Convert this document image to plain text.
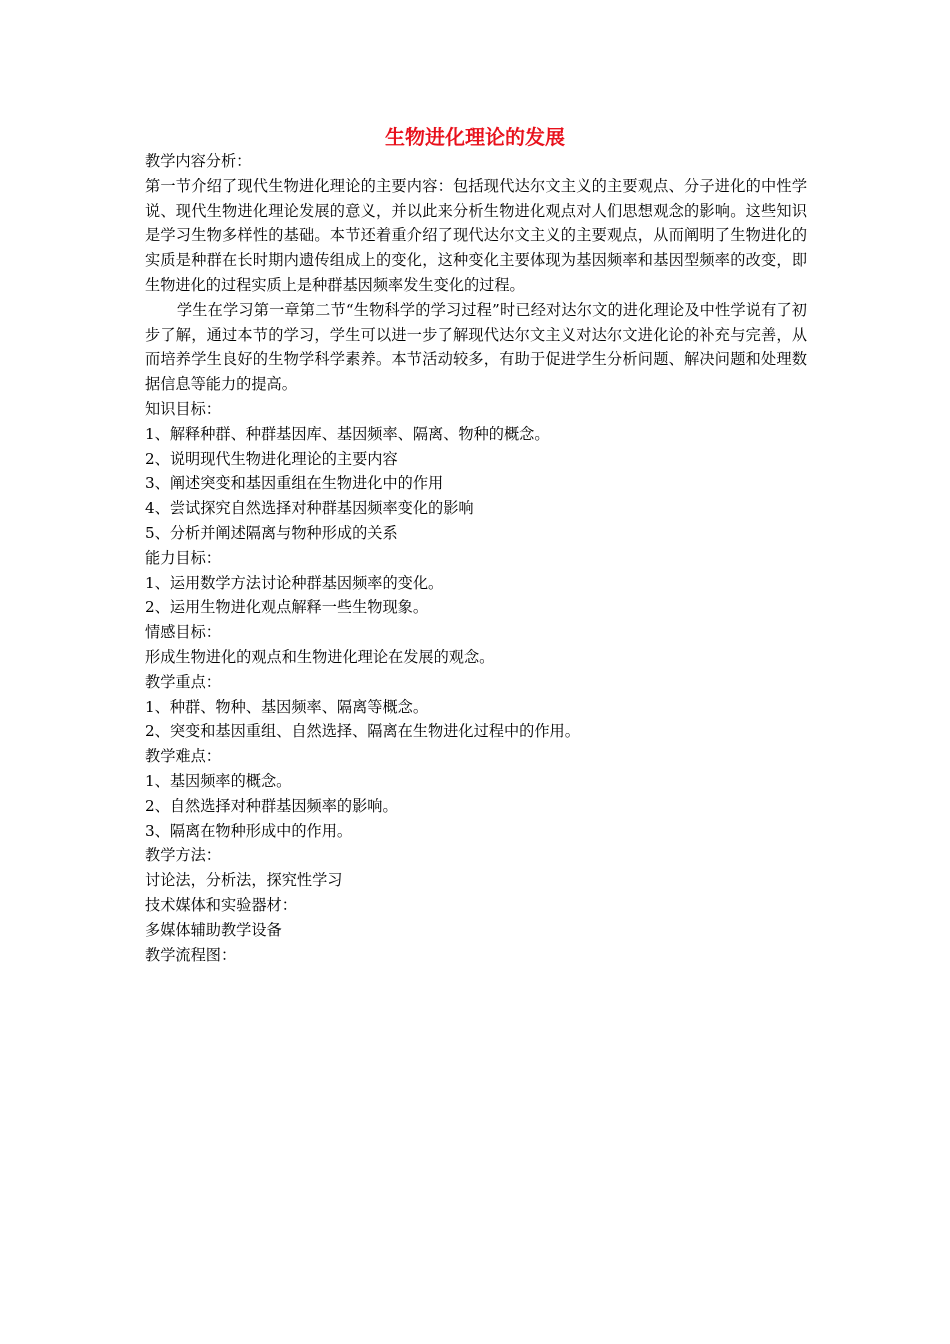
生物进化理论的发展

教学内容分析：

第一节介绍了现代生物进化理论的主要内容：包括现代达尔文主义的主要观点、分子进化的中性学说、现代生物进化理论发展的意义，并以此来分析生物进化观点对人们思想观念的影响。这些知识是学习生物多样性的基础。本节还着重介绍了现代达尔文主义的主要观点，从而阐明了生物进化的实质是种群在长时期内遗传组成上的变化，这种变化主要体现为基因频率和基因型频率的改变，即生物进化的过程实质上是种群基因频率发生变化的过程。

学生在学习第一章第二节“生物科学的学习过程”时已经对达尔文的进化理论及中性学说有了初步了解，通过本节的学习，学生可以进一步了解现代达尔文主义对达尔文进化论的补充与完善，从而培养学生良好的生物学科学素养。本节活动较多，有助于促进学生分析问题、解决问题和处理数据信息等能力的提高。

知识目标：

1、解释种群、种群基因库、基因频率、隔离、物种的概念。

2、说明现代生物进化理论的主要内容

3、阐述突变和基因重组在生物进化中的作用

4、尝试探究自然选择对种群基因频率变化的影响

5、分析并阐述隔离与物种形成的关系

能力目标：

1、运用数学方法讨论种群基因频率的变化。

2、运用生物进化观点解释一些生物现象。

情感目标：

形成生物进化的观点和生物进化理论在发展的观念。

教学重点：

1、种群、物种、基因频率、隔离等概念。

2、突变和基因重组、自然选择、隔离在生物进化过程中的作用。

教学难点：

1、基因频率的概念。

2、自然选择对种群基因频率的影响。

3、隔离在物种形成中的作用。

教学方法：

讨论法，分析法，探究性学习

技术媒体和实验器材：

多媒体辅助教学设备

教学流程图：
